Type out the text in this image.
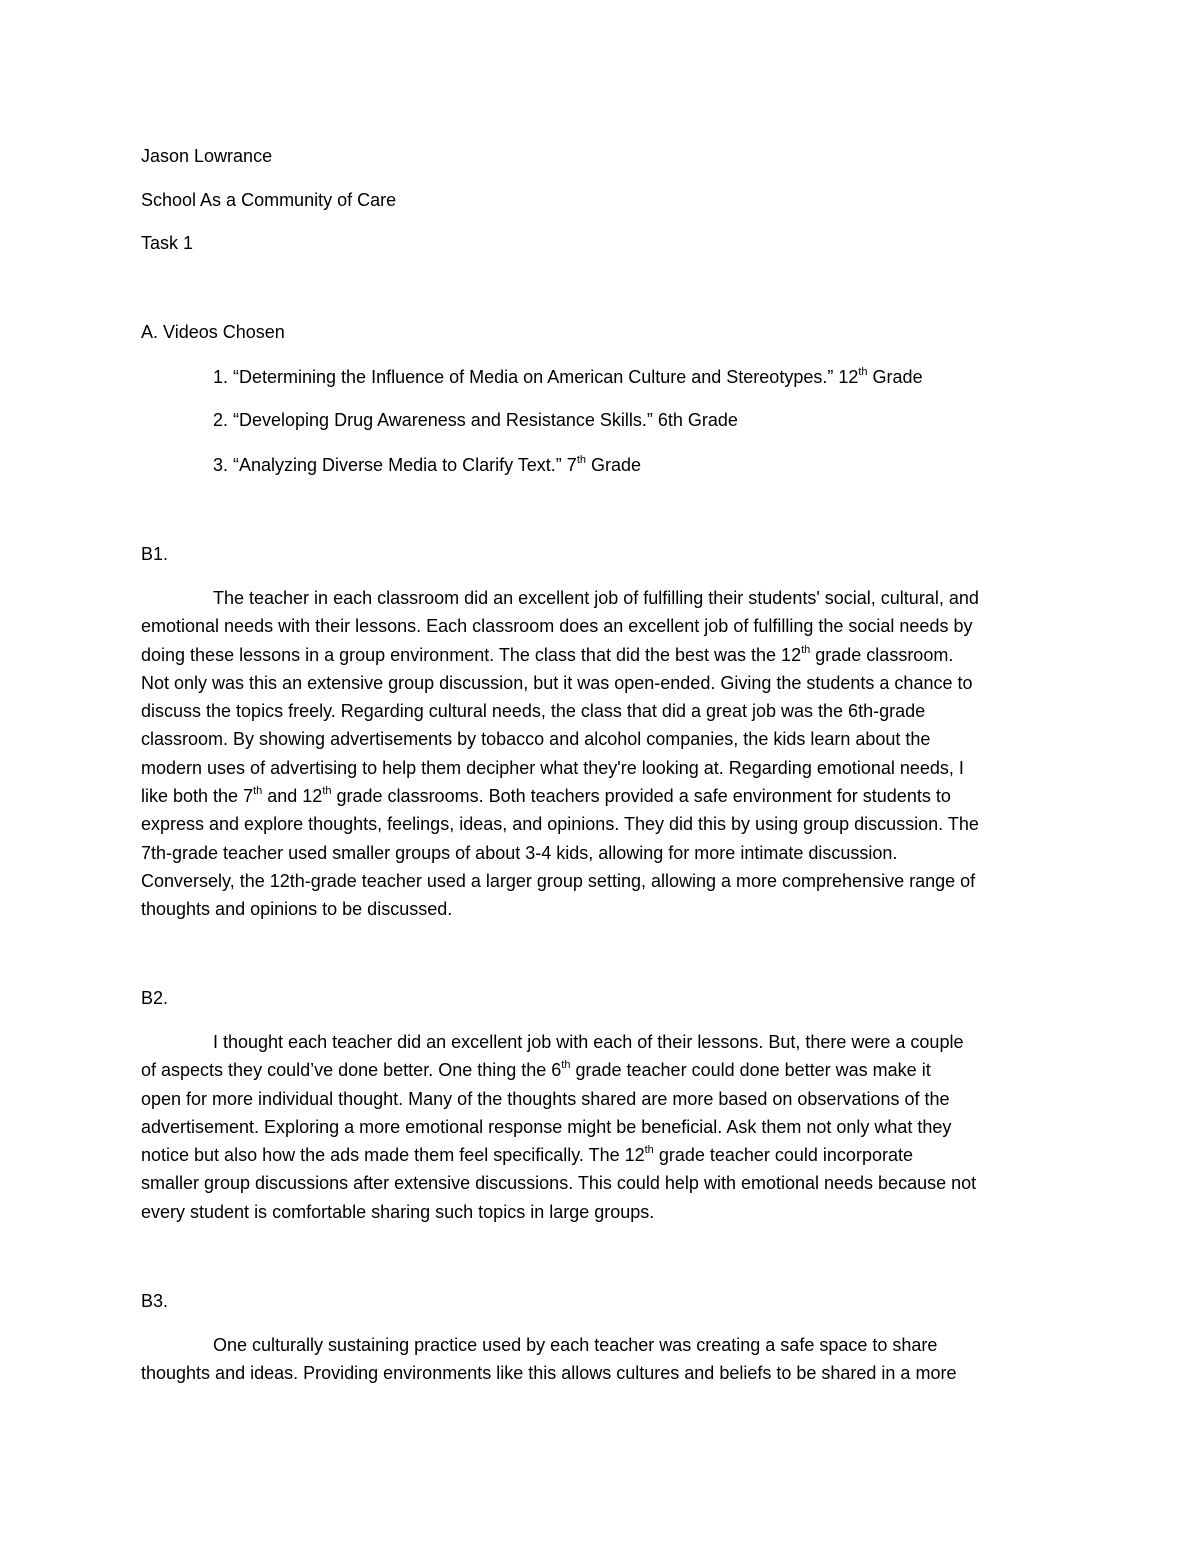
Jason Lowrance
School As a Community of Care
Task 1
A. Videos Chosen
1. “Determining the Influence of Media on American Culture and Stereotypes.” 12th Grade
2. “Developing Drug Awareness and Resistance Skills.” 6th Grade
3. “Analyzing Diverse Media to Clarify Text.” 7th Grade
B1.
The teacher in each classroom did an excellent job of fulfilling their students' social, cultural, and
emotional needs with their lessons. Each classroom does an excellent job of fulfilling the social needs by
doing these lessons in a group environment. The class that did the best was the 12th grade classroom.
Not only was this an extensive group discussion, but it was open-ended. Giving the students a chance to
discuss the topics freely. Regarding cultural needs, the class that did a great job was the 6th-grade
classroom. By showing advertisements by tobacco and alcohol companies, the kids learn about the
modern uses of advertising to help them decipher what they're looking at. Regarding emotional needs, I
like both the 7th and 12th grade classrooms. Both teachers provided a safe environment for students to
express and explore thoughts, feelings, ideas, and opinions. They did this by using group discussion. The
7th-grade teacher used smaller groups of about 3-4 kids, allowing for more intimate discussion.
Conversely, the 12th-grade teacher used a larger group setting, allowing a more comprehensive range of
thoughts and opinions to be discussed.
B2.
I thought each teacher did an excellent job with each of their lessons. But, there were a couple
of aspects they could’ve done better. One thing the 6th grade teacher could done better was make it
open for more individual thought. Many of the thoughts shared are more based on observations of the
advertisement. Exploring a more emotional response might be beneficial. Ask them not only what they
notice but also how the ads made them feel specifically. The 12th grade teacher could incorporate
smaller group discussions after extensive discussions. This could help with emotional needs because not
every student is comfortable sharing such topics in large groups.
B3.
One culturally sustaining practice used by each teacher was creating a safe space to share
thoughts and ideas. Providing environments like this allows cultures and beliefs to be shared in a more
